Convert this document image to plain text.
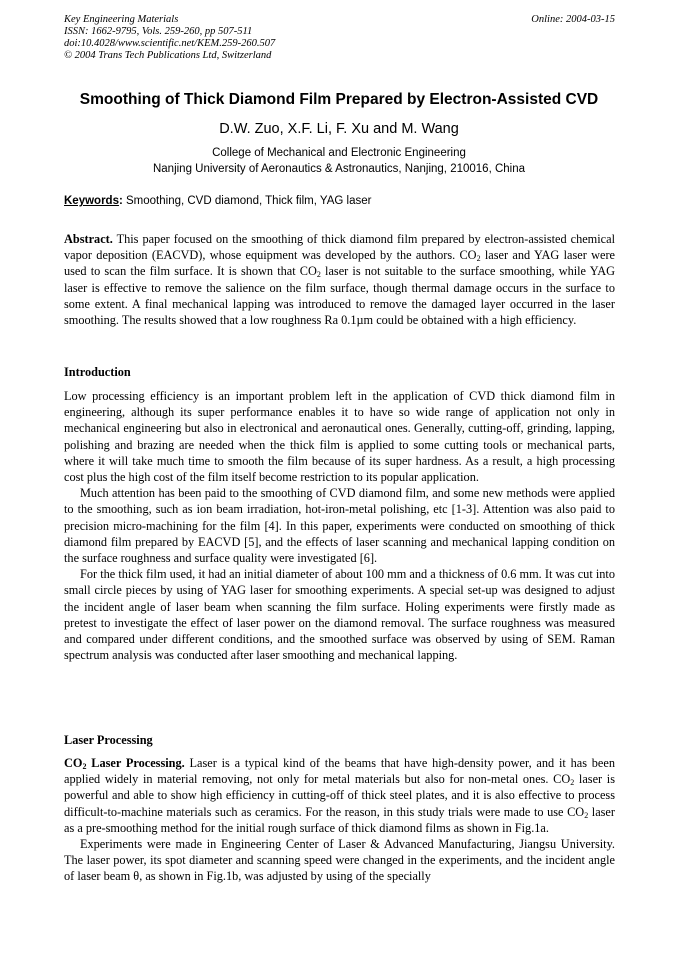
Key Engineering Materials
ISSN: 1662-9795, Vols. 259-260, pp 507-511
doi:10.4028/www.scientific.net/KEM.259-260.507
© 2004 Trans Tech Publications Ltd, Switzerland
Online: 2004-03-15
Smoothing of Thick Diamond Film Prepared by Electron-Assisted CVD
D.W. Zuo, X.F. Li, F. Xu and M. Wang
College of Mechanical and Electronic Engineering
Nanjing University of Aeronautics & Astronautics, Nanjing, 210016, China
Keywords: Smoothing, CVD diamond, Thick film, YAG laser

Abstract. This paper focused on the smoothing of thick diamond film prepared by electron-assisted chemical vapor deposition (EACVD), whose equipment was developed by the authors. $CO_2$ laser and YAG laser were used to scan the film surface. It is shown that $CO_2$ laser is not suitable to the surface smoothing, while YAG laser is effective to remove the salience on the film surface, though thermal damage occurs in the surface to some extent. A final mechanical lapping was introduced to remove the damaged layer occurred in the laser smoothing. The results showed that a low roughness Ra 0.1µm could be obtained with a high efficiency.

Introduction

Low processing efficiency is an important problem left in the application of CVD thick diamond film in engineering, although its super performance enables it to have so wide range of application not only in mechanical engineering but also in electronical and aeronautical ones. Generally, cutting-off, grinding, lapping, polishing and brazing are needed when the thick film is applied to some cutting tools or mechanical parts, where it will take much time to smooth the film because of its super hardness. As a result, a high processing cost plus the high cost of the film itself become restriction to its popular application.

Much attention has been paid to the smoothing of CVD diamond film, and some new methods were applied to the smoothing, such as ion beam irradiation, hot-iron-metal polishing, etc [1-3]. Attention was also paid to precision micro-machining for the film [4]. In this paper, experiments were conducted on smoothing of thick diamond film prepared by EACVD [5], and the effects of laser scanning and mechanical lapping condition on the surface roughness and surface quality were investigated [6].

For the thick film used, it had an initial diameter of about 100 mm and a thickness of 0.6 mm. It was cut into small circle pieces by using of YAG laser for smoothing experiments. A special set-up was designed to adjust the incident angle of laser beam when scanning the film surface. Holing experiments were firstly made as pretest to investigate the effect of laser power on the diamond removal. The surface roughness was measured and compared under different conditions, and the smoothed surface was observed by using of SEM. Raman spectrum analysis was conducted after laser smoothing and mechanical lapping.

Laser Processing

$CO_2$ Laser Processing. Laser is a typical kind of the beams that have high-density power, and it has been applied widely in material removing, not only for metal materials but also for non-metal ones. $CO_2$ laser is powerful and able to show high efficiency in cutting-off of thick steel plates, and it is also effective to process difficult-to-machine materials such as ceramics. For the reason, in this study trials were made to use $CO_2$ laser as a pre-smoothing method for the initial rough surface of thick diamond films as shown in Fig.1a.

Experiments were made in Engineering Center of Laser & Advanced Manufacturing, Jiangsu University. The laser power, its spot diameter and scanning speed were changed in the experiments, and the incident angle of laser beam θ, as shown in Fig.1b, was adjusted by using of the specially
